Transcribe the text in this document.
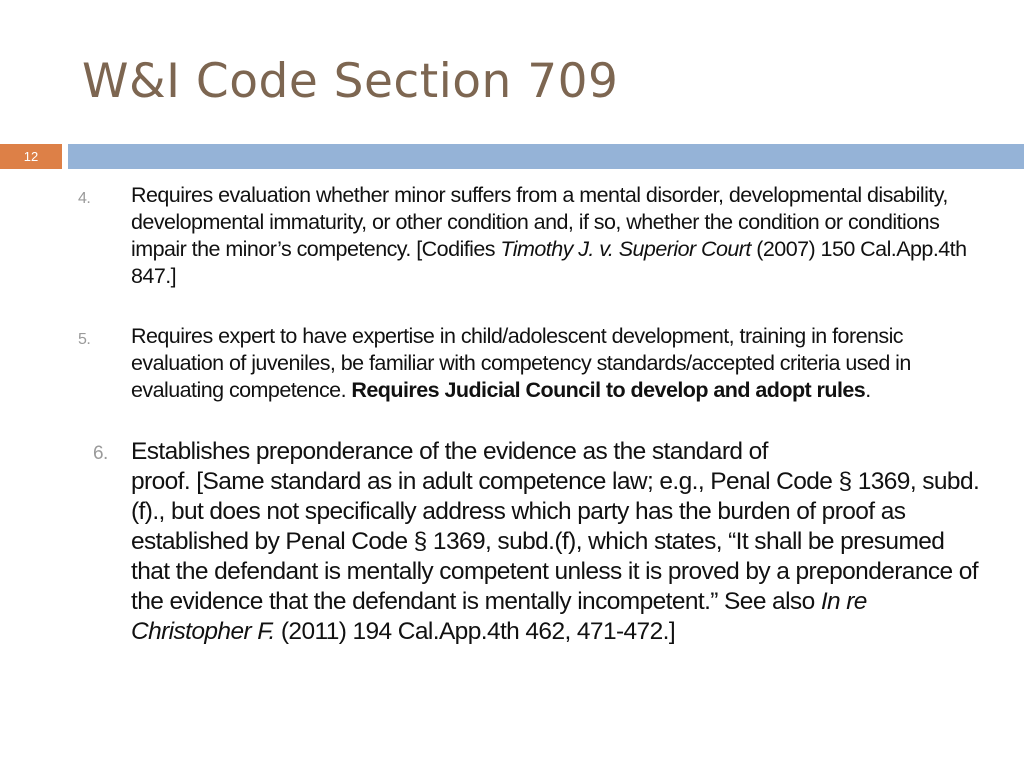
W&I Code Section 709
12
4. Requires evaluation whether minor suffers from a mental disorder, developmental disability, developmental immaturity, or other condition and, if so, whether the condition or conditions impair the minor’s competency. [Codifies Timothy J. v. Superior Court (2007) 150 Cal.App.4th 847.]
5. Requires expert to have expertise in child/adolescent development, training in forensic evaluation of juveniles, be familiar with competency standards/accepted criteria used in evaluating competence. Requires Judicial Council to develop and adopt rules.
6. Establishes preponderance of the evidence as the standard of
proof. [Same standard as in adult competence law; e.g., Penal Code § 1369, subd.(f)., but does not specifically address which party has the burden of proof as established by Penal Code § 1369, subd.(f), which states, “It shall be presumed that the defendant is mentally competent unless it is proved by a preponderance of the evidence that the defendant is mentally incompetent.” See also In re Christopher F. (2011) 194 Cal.App.4th 462, 471-472.]
